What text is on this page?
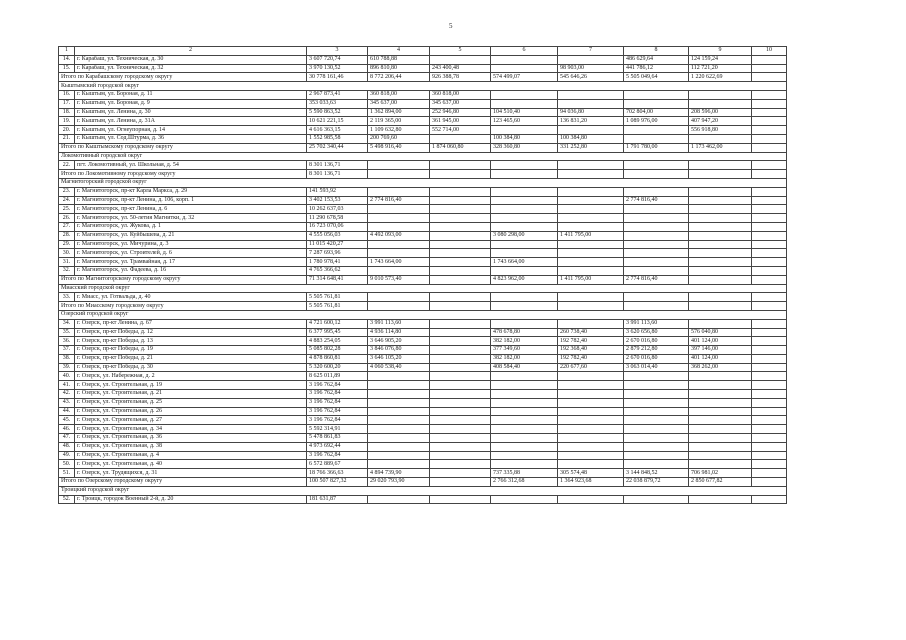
5
1	2	3	4	5	6	7	8	9	10
14.	г. Карабаш, ул. Техническая, д. 30	3 607 720,74	610 788,88				486 629,64	124 159,24	
15.	г. Карабаш, ул. Техническая, д. 32	3 970 130,52	896 810,80	243 400,48		98 903,00	441 786,12	112 721,20	
Итого по Карабашскому городскому округу		30 778 161,46	8 772 206,44	926 388,78	574 499,07	545 646,26	5 505 049,64	1 220 622,69	
Кыштымский городской округ									
16.	г. Кыштым, ул. Бороная, д. 11	2 967 873,41	360 818,00	360 818,00					
17.	г. Кыштым, ул. Бороная, д. 9	353 033,63	345 637,00	345 637,00					
18.	г. Кыштым, ул. Ленина, д. 30	5 590 863,52	1 362 894,00	252 946,80	104 510,40	94 036,80	702 804,00	208 596,00	
19.	г. Кыштым, ул. Ленина, д. 31А	10 621 221,15	2 119 365,00	361 945,00	123 465,60	136 831,20	1 089 976,00	407 947,20	
20.	г. Кыштым, ул. Огнеупорная, д. 14	4 616 363,15	1 109 632,80	552 714,00				556 918,80	
21.	г. Кыштым, ул. Сод.Штурма, д. 36	1 552 985,58	200 769,60		100 384,80	100 384,80			
Итого по Кыштымскому городскому округу		25 702 340,44	5 498 916,40	1 874 060,80	328 360,80	331 252,80	1 791 780,00	1 173 462,00	
Локомотивный городской округ									
22.	пгт. Локомотивный, ул. Школьная, д. 54	8 301 136,71							
Итого по Локомотивному городскому округу		8 301 136,71							
Магнитогорский городской округ									
23.	г. Магнитогорск, пр-кт Карла Маркса, д. 29	141 593,92							
24.	г. Магнитогорск, пр-кт Ленина, д. 106, корп. 1	3 402 153,53	2 774 816,40				2 774 816,40		
25.	г. Магнитогорск, пр-кт Ленина, д. 6	10 262 637,03							
26.	г. Магнитогорск, ул. 50-летия Магнитки, д. 32	11 290 678,58							
27.	г. Магнитогорск, ул. Жукова, д. 1	16 723 070,06							
28.	г. Магнитогорск, ул. Куйбышева, д. 21	4 555 056,03	4 492 093,00		3 080 298,00	1 411 795,00			
29.	г. Магнитогорск, ул. Мичурина, д. 3	11 015 420,27							
30.	г. Магнитогорск, ул. Строителей, д. 6	7 287 693,96							
31.	г. Магнитогорск, ул. Трамвайная, д. 17	1 780 978,41	1 743 664,00		1 743 664,00				
32.	г. Магнитогорск, ул. Фадеева, д. 16	4 765 366,62							
Итого по Магнитогорскому городскому округу		71 314 648,41	9 010 573,40		4 823 962,00	1 411 795,00	2 774 816,40		
Миасский городской округ									
33.	г. Миасс, ул. Готвальда, д. 40	5 505 761,81							
Итого по Миасскому городскому округу		5 505 761,81							
Озерский городской округ									
34.	г. Озерск, пр-кт Ленина, д. 67	4 721 600,12	3 991 113,60				3 991 113,60		
35.	г. Озерск, пр-кт Победы, д. 12	6 377 995,45	4 936 114,80		478 678,80	260 738,40	3 620 656,80	576 040,80	
36.	г. Озерск, пр-кт Победы, д. 13	4 883 254,05	3 646 905,20		382 182,00	192 782,40	2 670 016,80	401 124,00	
37.	г. Озерск, пр-кт Победы, д. 19	5 085 802,28	3 846 076,80		377 349,60	192 368,40	2 879 212,80	397 146,00	
38.	г. Озерск, пр-кт Победы, д. 21	4 878 860,81	3 646 105,20		382 182,00	192 782,40	2 670 016,80	401 124,00	
39.	г. Озерск, пр-кт Победы, д. 30	5 320 600,20	4 060 538,40		408 584,40	220 677,60	3 063 014,40	368 262,00	
40.	г. Озерск, ул. Набережная, д. 2	8 625 011,89							
41.	г. Озерск, ул. Строительная, д. 19	3 196 762,84							
42.	г. Озерск, ул. Строительная, д. 21	3 196 762,84							
43.	г. Озерск, ул. Строительная, д. 25	3 196 762,84							
44.	г. Озерск, ул. Строительная, д. 26	3 196 762,84							
45.	г. Озерск, ул. Строительная, д. 27	3 196 762,84							
46.	г. Озерск, ул. Строительная, д. 34	5 592 314,91							
47.	г. Озерск, ул. Строительная, д. 36	5 478 861,83							
48.	г. Озерск, ул. Строительная, д. 38	4 973 692,44							
49.	г. Озерск, ул. Строительная, д. 4	3 196 762,84							
50.	г. Озерск, ул. Строительная, д. 40	6 572 889,67							
51.	г. Озерск, ул. Трудящихся, д. 31	18 766 366,63	4 894 739,90		737 335,88	305 574,48	3 144 848,52	706 981,02	
Итого по Озерскому городскому округу		100 507 827,32	29 020 793,90		2 766 312,68	1 364 923,68	22 038 879,72	2 850 677,82	
Троицкий городской округ									
52.	г. Троицк, городок Военный 2-й, д. 20	181 631,87							
